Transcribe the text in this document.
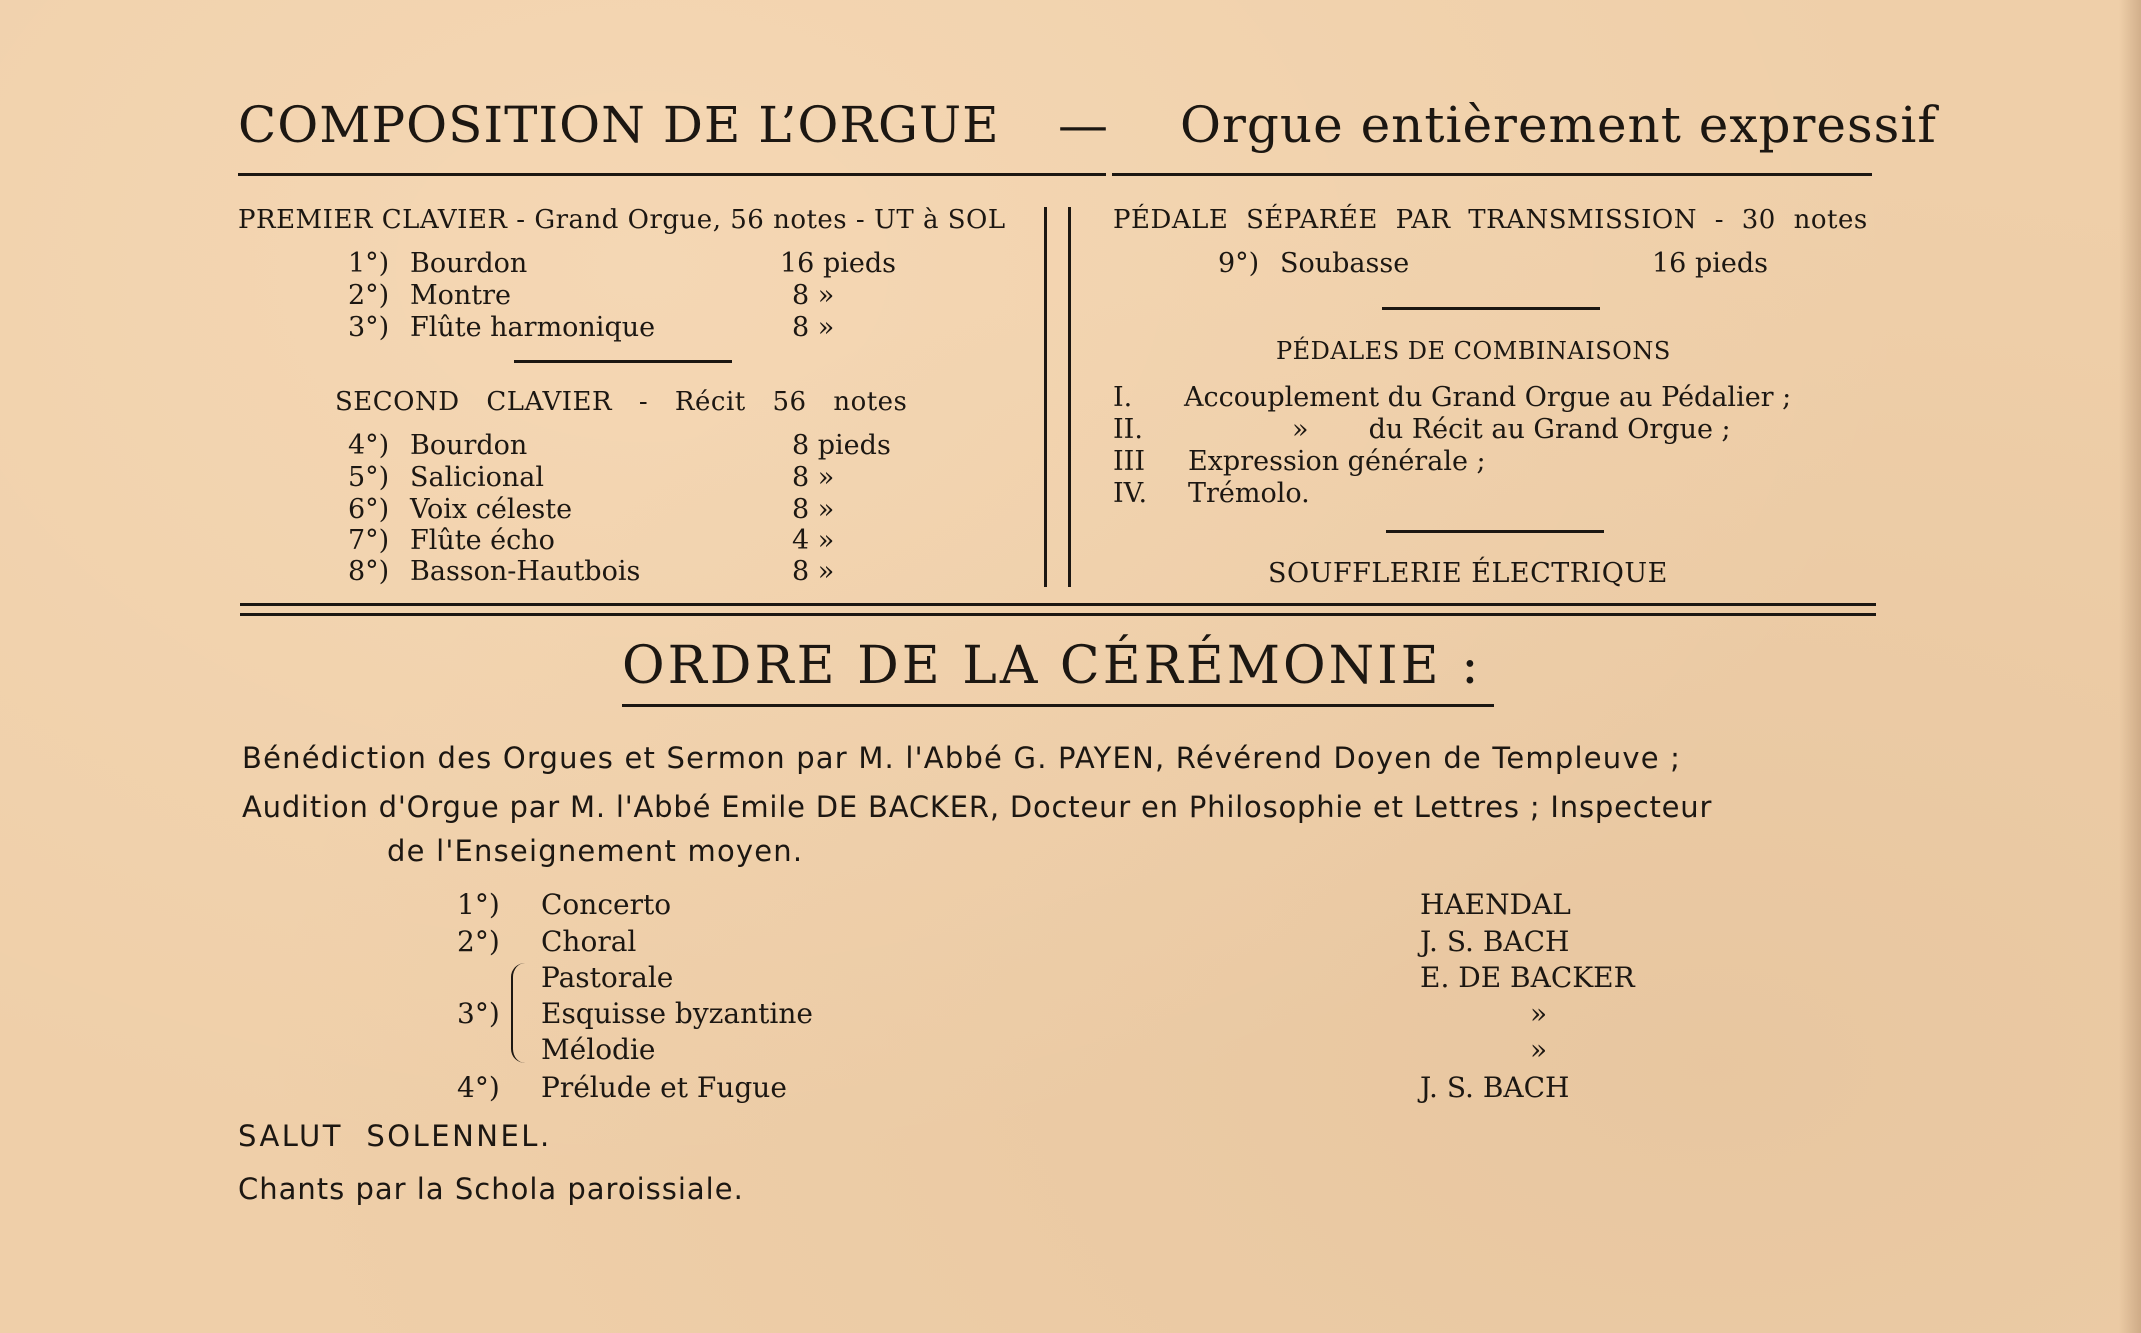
COMPOSITION DE L’ORGUE — Orgue entièrement expressif
PREMIER CLAVIER - Grand Orgue, 56 notes - UT à SOL
1°) Bourdon	16 pieds
2°) Montre	8 »
3°) Flûte harmonique	8 »
SECOND CLAVIER - Récit 56 notes
4°) Bourdon	8 pieds
5°) Salicional	8 »
6°) Voix céleste	8 »
7°) Flûte écho	4 »
8°) Basson-Hautbois	8 »
PÉDALE SÉPARÉE PAR TRANSMISSION - 30 notes
9°) Soubasse	16 pieds
PÉDALES DE COMBINAISONS
I. Accouplement du Grand Orgue au Pédalier ;
II.	»       du Récit au Grand Orgue ;
III Expression générale ;
IV. Trémolo.
SOUFFLERIE ÉLECTRIQUE
ORDRE DE LA CÉRÉMONIE :
Bénédiction des Orgues et Sermon par M. l'Abbé G. PAYEN, Révérend Doyen de Templeuve ;
Audition d'Orgue par M. l'Abbé Emile DE BACKER, Docteur en Philosophie et Lettres ; Inspecteur
de l'Enseignement moyen.
1°) Concerto	HAENDAL
2°) Choral	J. S. BACH
Pastorale	E. DE BACKER
3°) Esquisse byzantine	»
Mélodie	»
4°) Prélude et Fugue	J. S. BACH
SALUT  SOLENNEL.
Chants par la Schola paroissiale.
